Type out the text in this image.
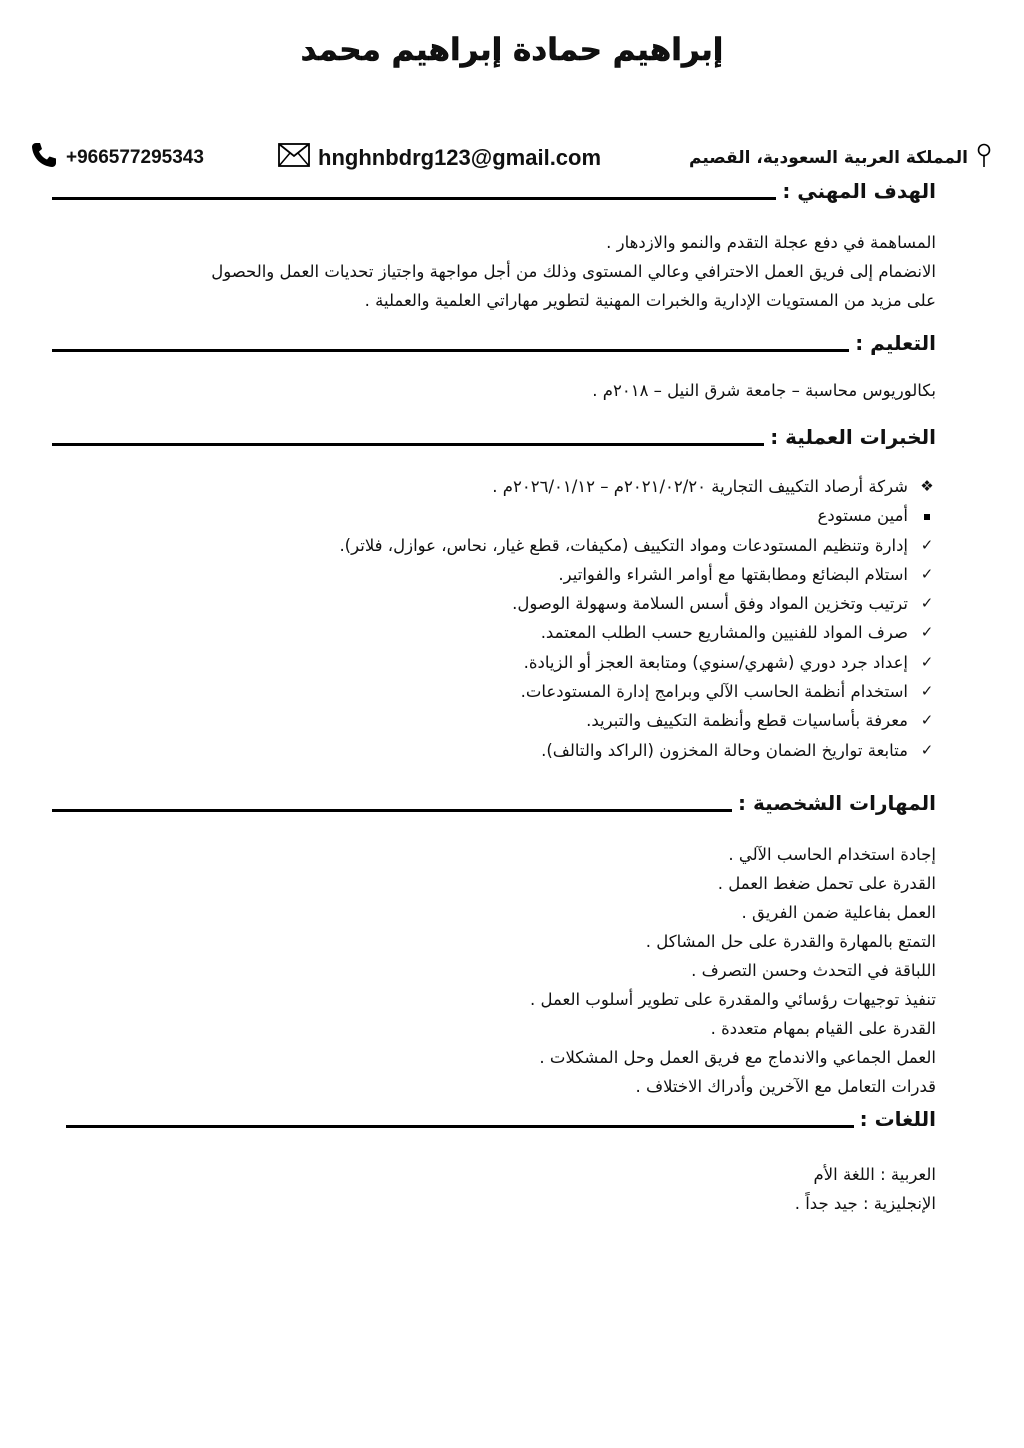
إبراهيم حمادة إبراهيم محمد
المملكة العربية السعودية، القصيم
hnghnbdrg123@gmail.com
+966577295343
الهدف المهني :
المساهمة في دفع عجلة التقدم والنمو والازدهار .
الانضمام إلى فريق العمل الاحترافي وعالي المستوى وذلك من أجل مواجهة واجتياز تحديات العمل والحصول
على مزيد من المستويات الإدارية والخبرات المهنية لتطوير مهاراتي العلمية والعملية .
التعليم :
بكالوريوس محاسبة – جامعة شرق النيل – ٢٠١٨م .
الخبرات العملية :
❖
شركة أرصاد التكييف التجارية ٢٠٢١/٠٢/٢٠م – ٢٠٢٦/٠١/١٢م .
أمين مستودع
✓
إدارة وتنظيم المستودعات ومواد التكييف (مكيفات، قطع غيار، نحاس، عوازل، فلاتر).
✓
استلام البضائع ومطابقتها مع أوامر الشراء والفواتير.
✓
ترتيب وتخزين المواد وفق أسس السلامة وسهولة الوصول.
✓
صرف المواد للفنيين والمشاريع حسب الطلب المعتمد.
✓
إعداد جرد دوري (شهري/سنوي) ومتابعة العجز أو الزيادة.
✓
استخدام أنظمة الحاسب الآلي وبرامج إدارة المستودعات.
✓
معرفة بأساسيات قطع وأنظمة التكييف والتبريد.
✓
متابعة تواريخ الضمان وحالة المخزون (الراكد والتالف).
المهارات الشخصية :
إجادة استخدام الحاسب الآلي .
القدرة على تحمل ضغط العمل .
العمل بفاعلية ضمن الفريق .
التمتع بالمهارة والقدرة على حل المشاكل .
اللباقة في التحدث وحسن التصرف .
تنفيذ توجيهات رؤسائي والمقدرة على تطوير أسلوب العمل .
القدرة على القيام بمهام متعددة .
العمل الجماعي والاندماج مع فريق العمل وحل المشكلات .
قدرات التعامل مع الآخرين وأدراك الاختلاف .
اللغات :
العربية : اللغة الأم
الإنجليزية : جيد جداً .
